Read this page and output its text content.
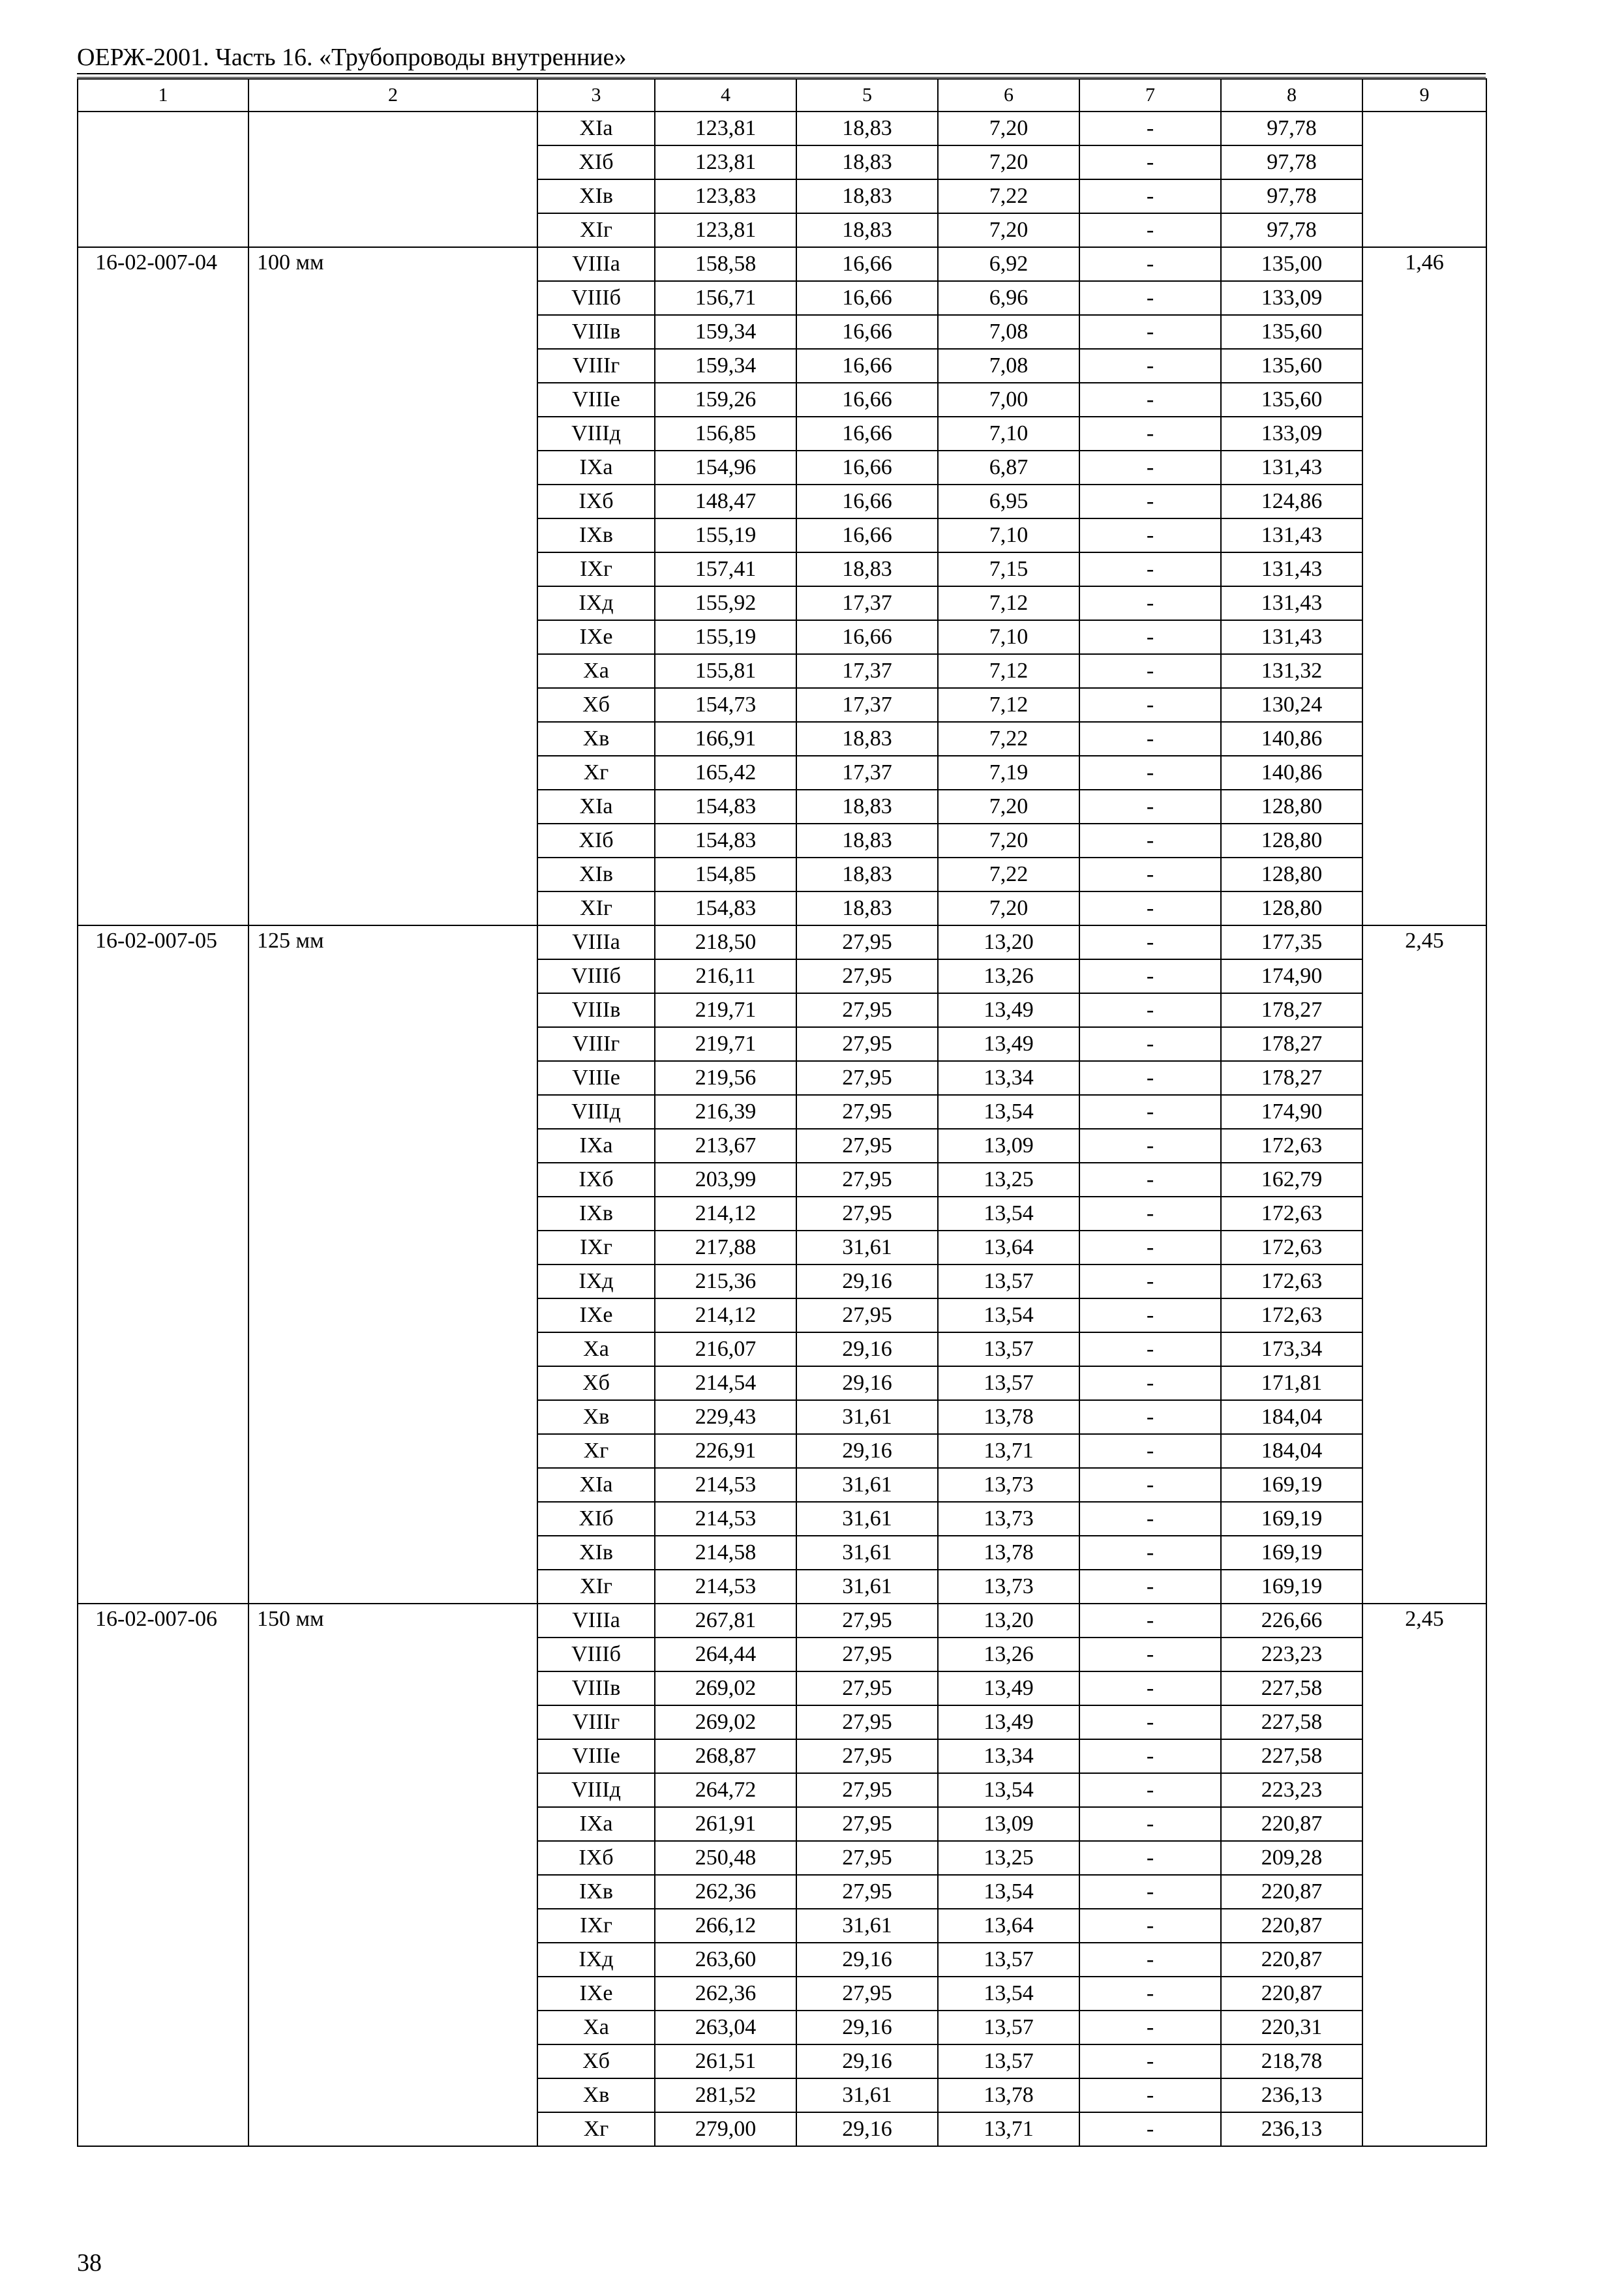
ОЕРЖ-2001. Часть 16. «Трубопроводы внутренние»
1	2	3	4	5	6	7	8	9
		XIа	123,81	18,83	7,20	-	97,78	
		XIб	123,81	18,83	7,20	-	97,78	
		XIв	123,83	18,83	7,22	-	97,78	
		XIг	123,81	18,83	7,20	-	97,78	
16-02-007-04	100 мм	VIIIа	158,58	16,66	6,92	-	135,00	1,46
		VIIIб	156,71	16,66	6,96	-	133,09	
		VIIIв	159,34	16,66	7,08	-	135,60	
		VIIIг	159,34	16,66	7,08	-	135,60	
		VIIIе	159,26	16,66	7,00	-	135,60	
		VIIIд	156,85	16,66	7,10	-	133,09	
		IXа	154,96	16,66	6,87	-	131,43	
		IXб	148,47	16,66	6,95	-	124,86	
		IXв	155,19	16,66	7,10	-	131,43	
		IXг	157,41	18,83	7,15	-	131,43	
		IXд	155,92	17,37	7,12	-	131,43	
		IXе	155,19	16,66	7,10	-	131,43	
		Xа	155,81	17,37	7,12	-	131,32	
		Xб	154,73	17,37	7,12	-	130,24	
		Xв	166,91	18,83	7,22	-	140,86	
		Xг	165,42	17,37	7,19	-	140,86	
		XIа	154,83	18,83	7,20	-	128,80	
		XIб	154,83	18,83	7,20	-	128,80	
		XIв	154,85	18,83	7,22	-	128,80	
		XIг	154,83	18,83	7,20	-	128,80	
16-02-007-05	125 мм	VIIIа	218,50	27,95	13,20	-	177,35	2,45
		VIIIб	216,11	27,95	13,26	-	174,90	
		VIIIв	219,71	27,95	13,49	-	178,27	
		VIIIг	219,71	27,95	13,49	-	178,27	
		VIIIе	219,56	27,95	13,34	-	178,27	
		VIIIд	216,39	27,95	13,54	-	174,90	
		IXа	213,67	27,95	13,09	-	172,63	
		IXб	203,99	27,95	13,25	-	162,79	
		IXв	214,12	27,95	13,54	-	172,63	
		IXг	217,88	31,61	13,64	-	172,63	
		IXд	215,36	29,16	13,57	-	172,63	
		IXе	214,12	27,95	13,54	-	172,63	
		Xа	216,07	29,16	13,57	-	173,34	
		Xб	214,54	29,16	13,57	-	171,81	
		Xв	229,43	31,61	13,78	-	184,04	
		Xг	226,91	29,16	13,71	-	184,04	
		XIа	214,53	31,61	13,73	-	169,19	
		XIб	214,53	31,61	13,73	-	169,19	
		XIв	214,58	31,61	13,78	-	169,19	
		XIг	214,53	31,61	13,73	-	169,19	
16-02-007-06	150 мм	VIIIа	267,81	27,95	13,20	-	226,66	2,45
		VIIIб	264,44	27,95	13,26	-	223,23	
		VIIIв	269,02	27,95	13,49	-	227,58	
		VIIIг	269,02	27,95	13,49	-	227,58	
		VIIIе	268,87	27,95	13,34	-	227,58	
		VIIIд	264,72	27,95	13,54	-	223,23	
		IXа	261,91	27,95	13,09	-	220,87	
		IXб	250,48	27,95	13,25	-	209,28	
		IXв	262,36	27,95	13,54	-	220,87	
		IXг	266,12	31,61	13,64	-	220,87	
		IXд	263,60	29,16	13,57	-	220,87	
		IXе	262,36	27,95	13,54	-	220,87	
		Xа	263,04	29,16	13,57	-	220,31	
		Xб	261,51	29,16	13,57	-	218,78	
		Xв	281,52	31,61	13,78	-	236,13	
		Xг	279,00	29,16	13,71	-	236,13	
38
